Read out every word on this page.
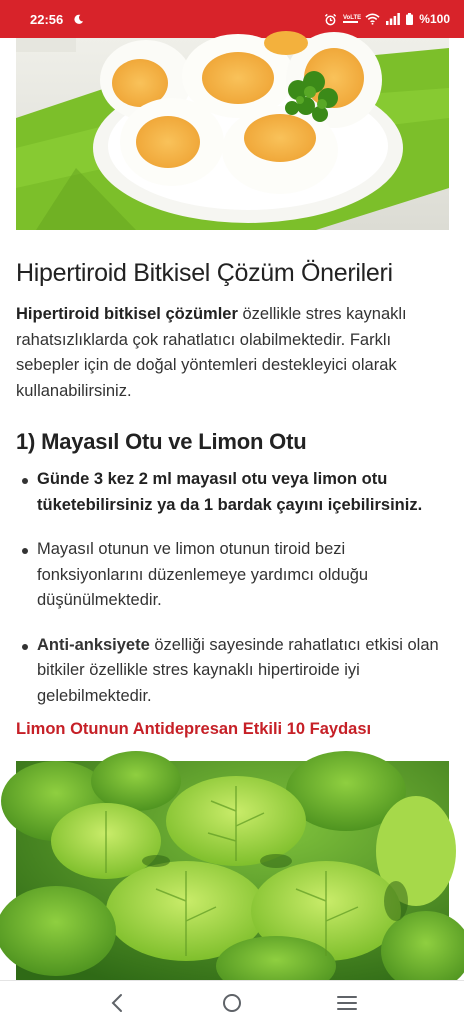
22:56	VoLTE	%100
Hipertiroid Bitkisel Çözüm Önerileri

Hipertiroid bitkisel çözümler özellikle stres kaynaklı rahatsızlıklarda çok rahatlatıcı olabilmektedir. Farklı sebepler için de doğal yöntemleri destekleyici olarak kullanabilirsiniz.

1) Mayasıl Otu ve Limon Otu
Günde 3 kez 2 ml mayasıl otu veya limon otu tüketebilirsiniz ya da 1 bardak çayını içebilirsiniz.
Mayasıl otunun ve limon otunun tiroid bezi fonksiyonlarını düzenlemeye yardımcı olduğu düşünülmektedir.
Anti-anksiyete özelliği sayesinde rahatlatıcı etkisi olan bitkiler özellikle stres kaynaklı hipertiroide iyi gelebilmektedir.
Limon Otunun Antidepresan Etkili 10 Faydası
